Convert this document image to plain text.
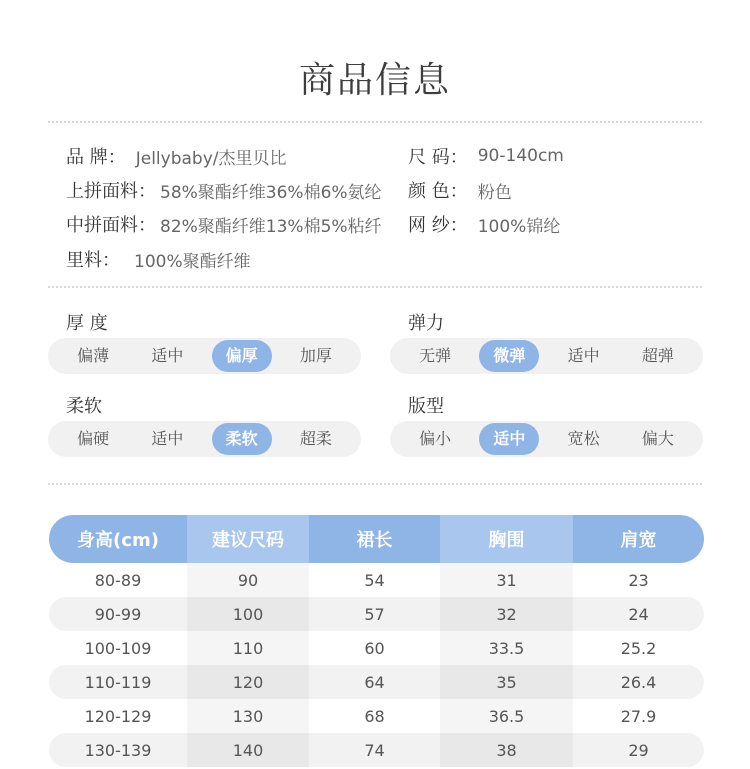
商品信息
品 牌： Jellybaby/杰里贝比	尺 码： 90-140cm
上拼面料： 58%聚酯纤维36%棉6%氨纶 颜 色： 粉色
中拼面料： 82%聚酯纤维13%棉5%粘纤 网 纱： 100%锦纶
里料： 100%聚酯纤维
厚 度
偏薄	适中	偏厚	加厚
弹力
无弹	微弹	适中	超弹
柔软
偏硬	适中	柔软	超柔
版型
偏小	适中	宽松	偏大
身高(cm)	建议尺码	裙长	胸围	肩宽
80-89	90	54	31	23
90-99	100	57	32	24
100-109	110	60	33.5	25.2
110-119	120	64	35	26.4
120-129	130	68	36.5	27.9
130-139	140	74	38	29
